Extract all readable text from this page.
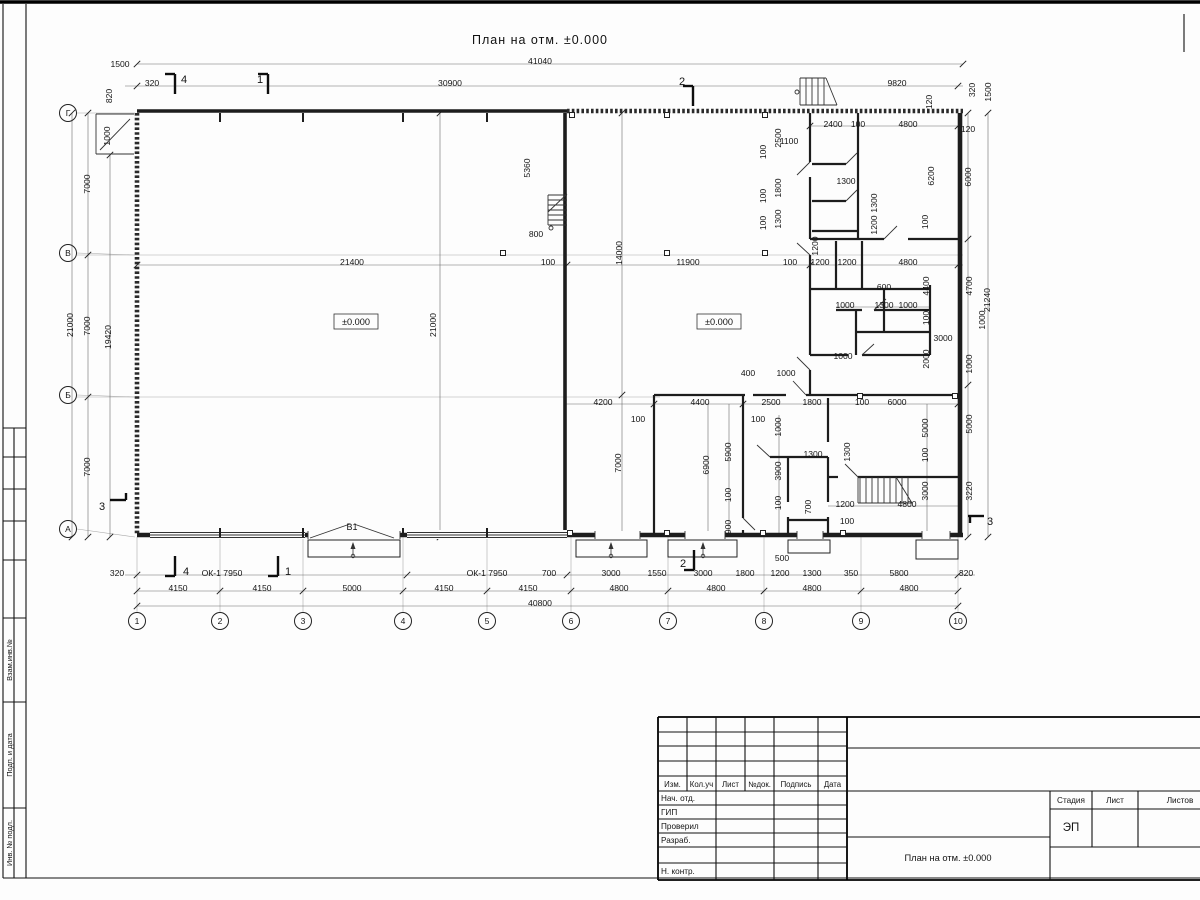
1500
320
41040
30900	9820
820	320 1500
120
1000
7000
7000
7000
21000
19420
21000
120
6000
4700
21240
1000
1000
5000
3220
320
2400 100	4800
1100
2500
100
1800
100
1300
100
1300
1300
1200
1200
100
6200
21400	100	14000	11900	100 1200 1200	4800
5360
800
600
1000 1300 1000
4400
100
3000
2000
1000
400 1000
4200	4400	2500	1800
100	100
100 6000
7000	6900
5900
100
900
1000
3900
100
1300 1300
700	1200
100
4800
5000
100
3000
320	ОК-1 7950	ОК-1 7950	700	3000	1550	3000	1800 1200
500
1300	350	5800
4150	4150	5000	4150	4150	4800	4800	4800	4800
40800
4	1	2
4	1
2
3
3
В1
±0.000	±0.000
1	2	3	4	5	6	7	8	9	10
Г
В
Б
А
Изм. Кол.уч Лист №док. Подпись Дата
Нач. отд.
ГИП
Проверил
Разраб.
Н. контр.
Стадия	Лист	Листов
ЭП
План на отм. ±0.000
Взам.инв.№
Подп. и дата
Инв. № подл.
План на отм. ±0.000
